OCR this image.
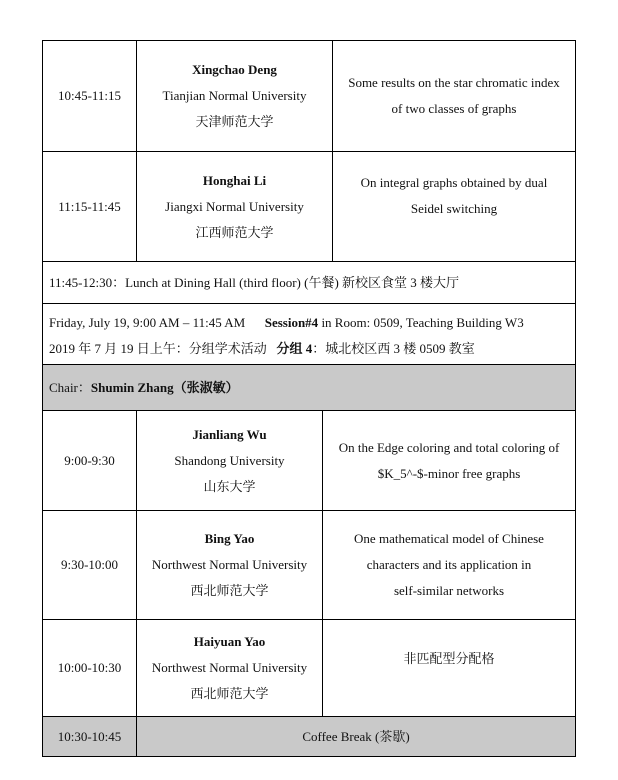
10:45-11:15
Xingchao Deng
Tianjian Normal University
天津师范大学
Some results on the star chromatic index
of two classes of graphs
11:15-11:45
Honghai Li
Jiangxi Normal University
江西师范大学
On integral graphs obtained by dual
Seidel switching
11:45-12:30：Lunch at Dining Hall (third floor) (午餐) 新校区食堂 3 楼大厅
Friday, July 19, 9:00 AM – 11:45 AM Session#4 in Room: 0509, Teaching Building W3
2019 年 7 月 19 日上午：分组学术活动 分组 4：城北校区西 3 楼 0509 教室
Chair：Shumin Zhang（张淑敏）
9:00-9:30
Jianliang Wu
Shandong University
山东大学
On the Edge coloring and total coloring of
$K_5^-$-minor free graphs
9:30-10:00
Bing Yao
Northwest Normal University
西北师范大学
One mathematical model of Chinese
characters and its application in
self-similar networks
10:00-10:30
Haiyuan Yao
Northwest Normal University
西北师范大学
非匹配型分配格
10:30-10:45	Coffee Break (茶歇)
